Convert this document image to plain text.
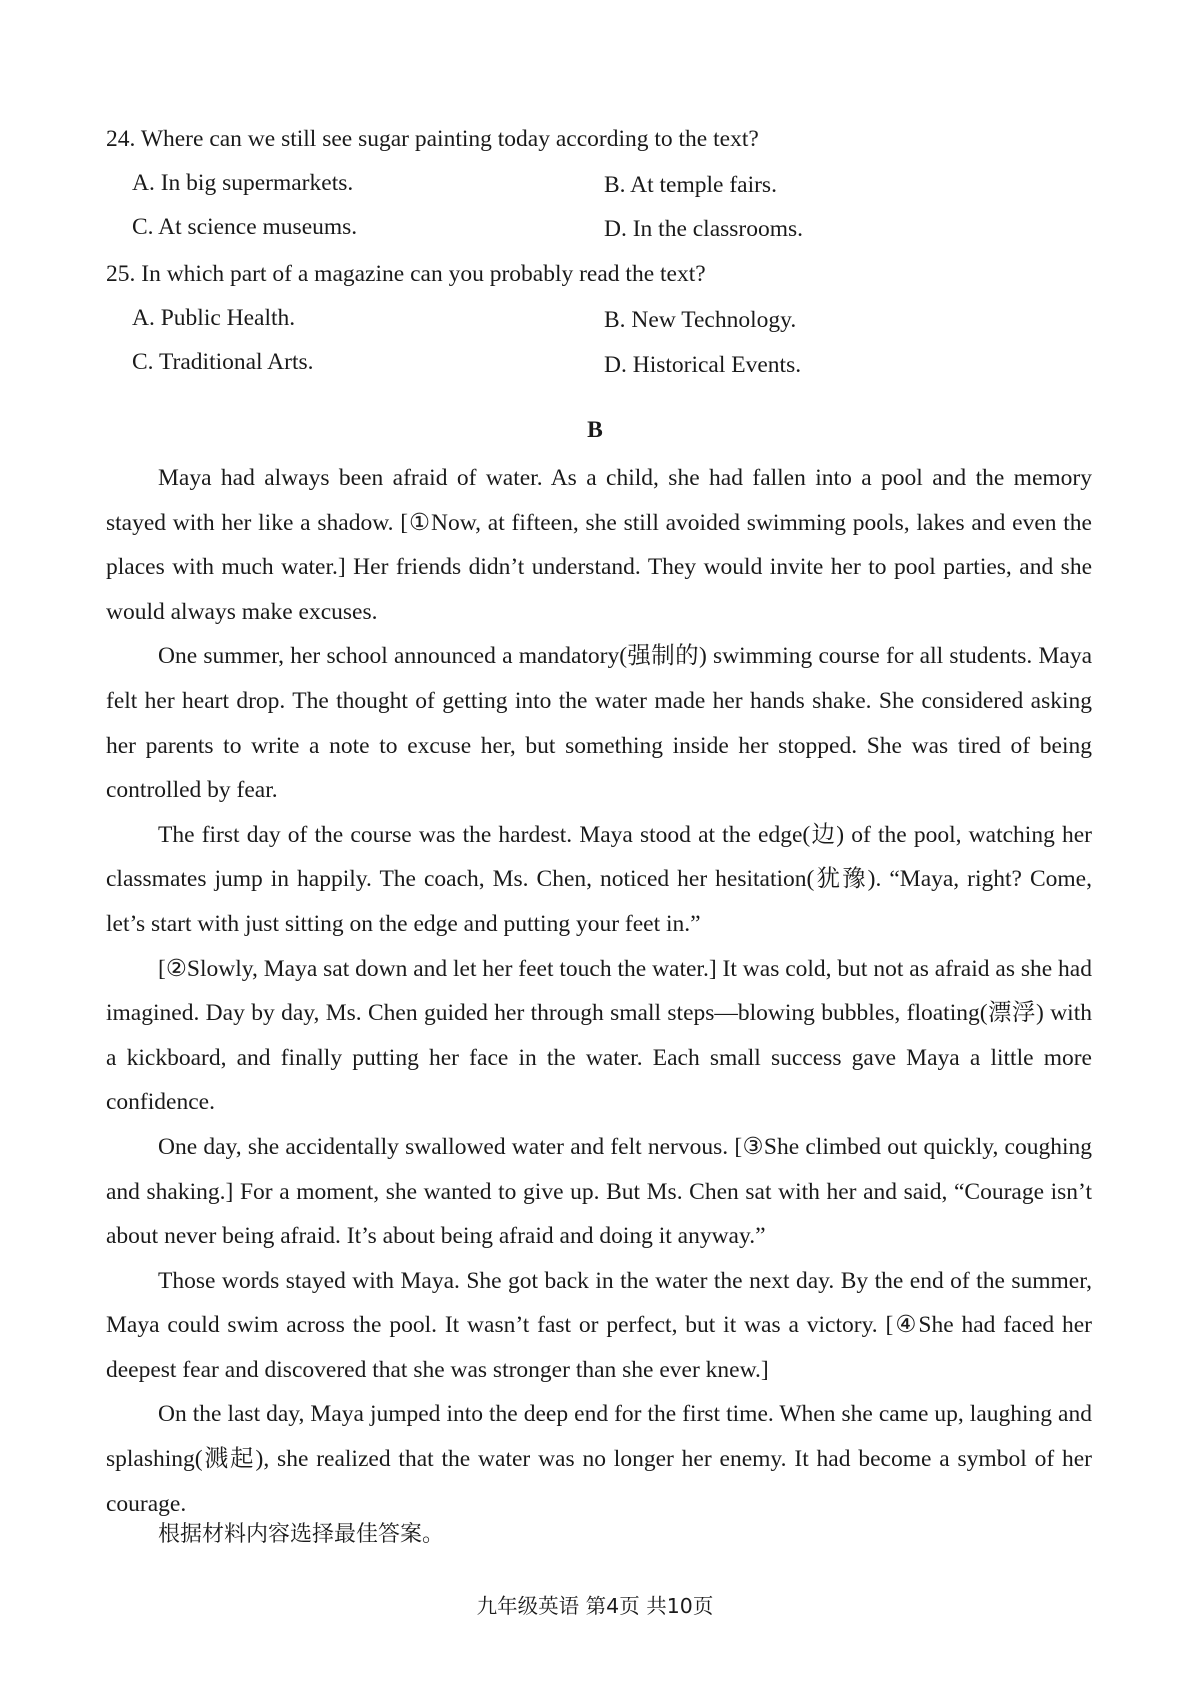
24. Where can we still see sugar painting today according to the text?
A. In big supermarkets.	B. At temple fairs.
C. At science museums.	D. In the classrooms.
25. In which part of a magazine can you probably read the text?
A. Public Health.	B. New Technology.
C. Traditional Arts.	D. Historical Events.
B

Maya had always been afraid of water. As a child, she had fallen into a pool and the memory stayed with her like a shadow. [①Now, at fifteen, she still avoided swimming pools, lakes and even the places with much water.] Her friends didn’t understand. They would invite her to pool parties, and she would always make excuses.

One summer, her school announced a mandatory(强制的) swimming course for all students. Maya felt her heart drop. The thought of getting into the water made her hands shake. She considered asking her parents to write a note to excuse her, but something inside her stopped. She was tired of being controlled by fear.

The first day of the course was the hardest. Maya stood at the edge(边) of the pool, watching her classmates jump in happily. The coach, Ms. Chen, noticed her hesitation(犹豫). “Maya, right? Come, let’s start with just sitting on the edge and putting your feet in.”

[②Slowly, Maya sat down and let her feet touch the water.] It was cold, but not as afraid as she had imagined. Day by day, Ms. Chen guided her through small steps—blowing bubbles, floating(漂浮) with a kickboard, and finally putting her face in the water. Each small success gave Maya a little more confidence.

One day, she accidentally swallowed water and felt nervous. [③She climbed out quickly, coughing and shaking.] For a moment, she wanted to give up. But Ms. Chen sat with her and said, “Courage isn’t about never being afraid. It’s about being afraid and doing it anyway.”

Those words stayed with Maya. She got back in the water the next day. By the end of the summer, Maya could swim across the pool. It wasn’t fast or perfect, but it was a victory. [④She had faced her deepest fear and discovered that she was stronger than she ever knew.]

On the last day, Maya jumped into the deep end for the first time. When she came up, laughing and splashing(溅起), she realized that the water was no longer her enemy. It had become a symbol of her courage.

根据材料内容选择最佳答案。
九年级英语 第4页 共10页
